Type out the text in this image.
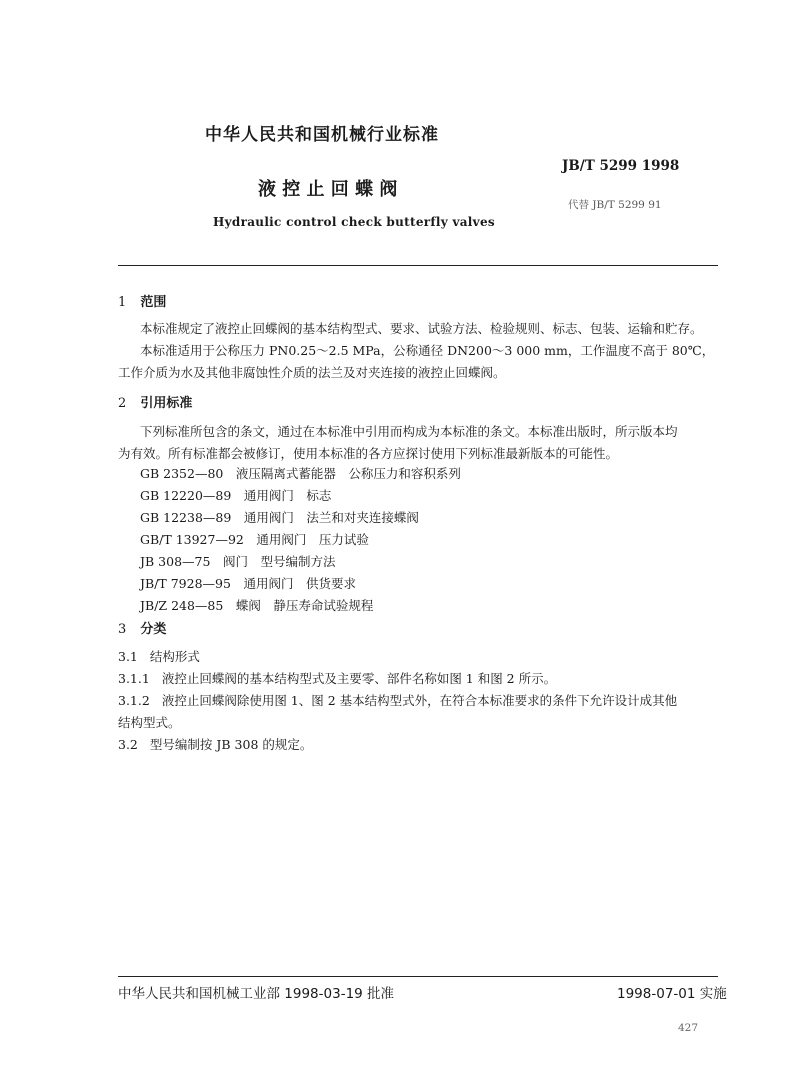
中华人民共和国机械行业标准
JB/T 5299 1998
液 控 止 回 蝶 阀
代替 JB/T 5299 91
Hydraulic control check butterfly valves
1 范围
本标准规定了液控止回蝶阀的基本结构型式、要求、试验方法、检验规则、标志、包装、运输和贮存。
本标准适用于公称压力 PN0.25～2.5 MPa，公称通径 DN200～3 000 mm，工作温度不高于 80℃，
工作介质为水及其他非腐蚀性介质的法兰及对夹连接的液控止回蝶阀。
2 引用标准
下列标准所包含的条文，通过在本标准中引用而构成为本标准的条文。本标准出版时，所示版本均
为有效。所有标准都会被修订，使用本标准的各方应探讨使用下列标准最新版本的可能性。
GB 2352—80　 液压隔离式蓄能器　公称压力和容积系列
GB 12220—89　 通用阀门　标志
GB 12238—89　 通用阀门　法兰和对夹连接蝶阀
GB/T 13927—92　 通用阀门　压力试验
JB 308—75　 阀门　型号编制方法
JB/T 7928—95　 通用阀门　供货要求
JB/Z 248—85　 蝶阀　静压寿命试验规程
3 分类
3.1 结构形式
3.1.1 液控止回蝶阀的基本结构型式及主要零、部件名称如图 1 和图 2 所示。
3.1.2 液控止回蝶阀除使用图 1、图 2 基本结构型式外，在符合本标准要求的条件下允许设计成其他
结构型式。
3.2 型号编制按 JB 308 的规定。
中华人民共和国机械工业部 1998-03-19 批准	1998-07-01 实施
427
